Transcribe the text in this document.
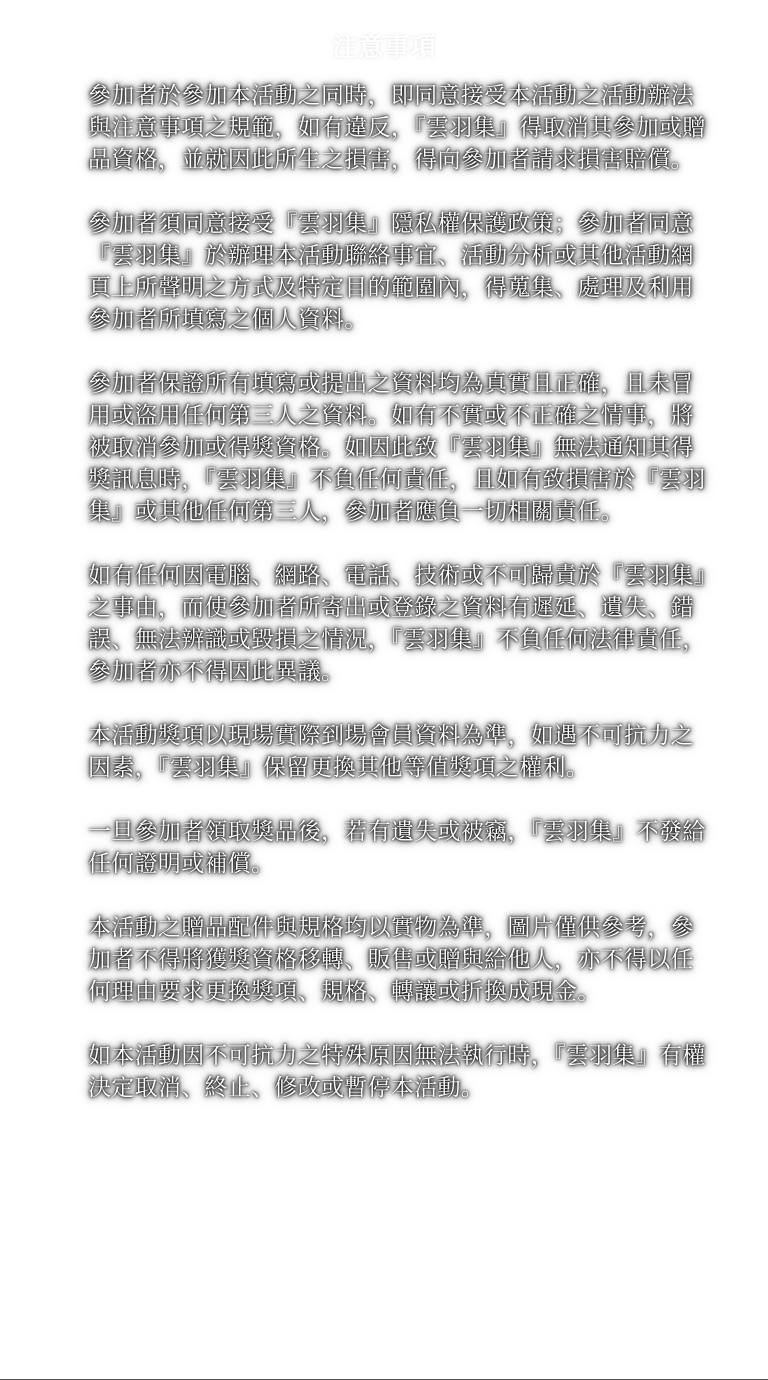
注意事項

參加者於參加本活動之同時，即同意接受本活動之活動辦法與注意事項之規範，如有違反，『雲羽集』得取消其參加或贈品資格，並就因此所生之損害，得向參加者請求損害賠償。

參加者須同意接受『雲羽集』隱私權保護政策；參加者同意『雲羽集』於辦理本活動聯絡事宜、活動分析或其他活動網頁上所聲明之方式及特定目的範圍內，得蒐集、處理及利用參加者所填寫之個人資料。

參加者保證所有填寫或提出之資料均為真實且正確，且未冒用或盜用任何第三人之資料。如有不實或不正確之情事，將被取消參加或得獎資格。如因此致『雲羽集』無法通知其得獎訊息時，『雲羽集』不負任何責任，且如有致損害於『雲羽集』或其他任何第三人，參加者應負一切相關責任。

如有任何因電腦、網路、電話、技術或不可歸責於『雲羽集』之事由，而使參加者所寄出或登錄之資料有遲延、遺失、錯誤、無法辨識或毀損之情況，『雲羽集』不負任何法律責任，參加者亦不得因此異議。

本活動獎項以現場實際到場會員資料為準，如遇不可抗力之因素，『雲羽集』保留更換其他等值獎項之權利。

一旦參加者領取獎品後，若有遺失或被竊，『雲羽集』不發給任何證明或補償。

本活動之贈品配件與規格均以實物為準，圖片僅供參考，參加者不得將獲獎資格移轉、販售或贈與給他人，亦不得以任何理由要求更換獎項、規格、轉讓或折換成現金。

如本活動因不可抗力之特殊原因無法執行時，『雲羽集』有權決定取消、終止、修改或暫停本活動。
